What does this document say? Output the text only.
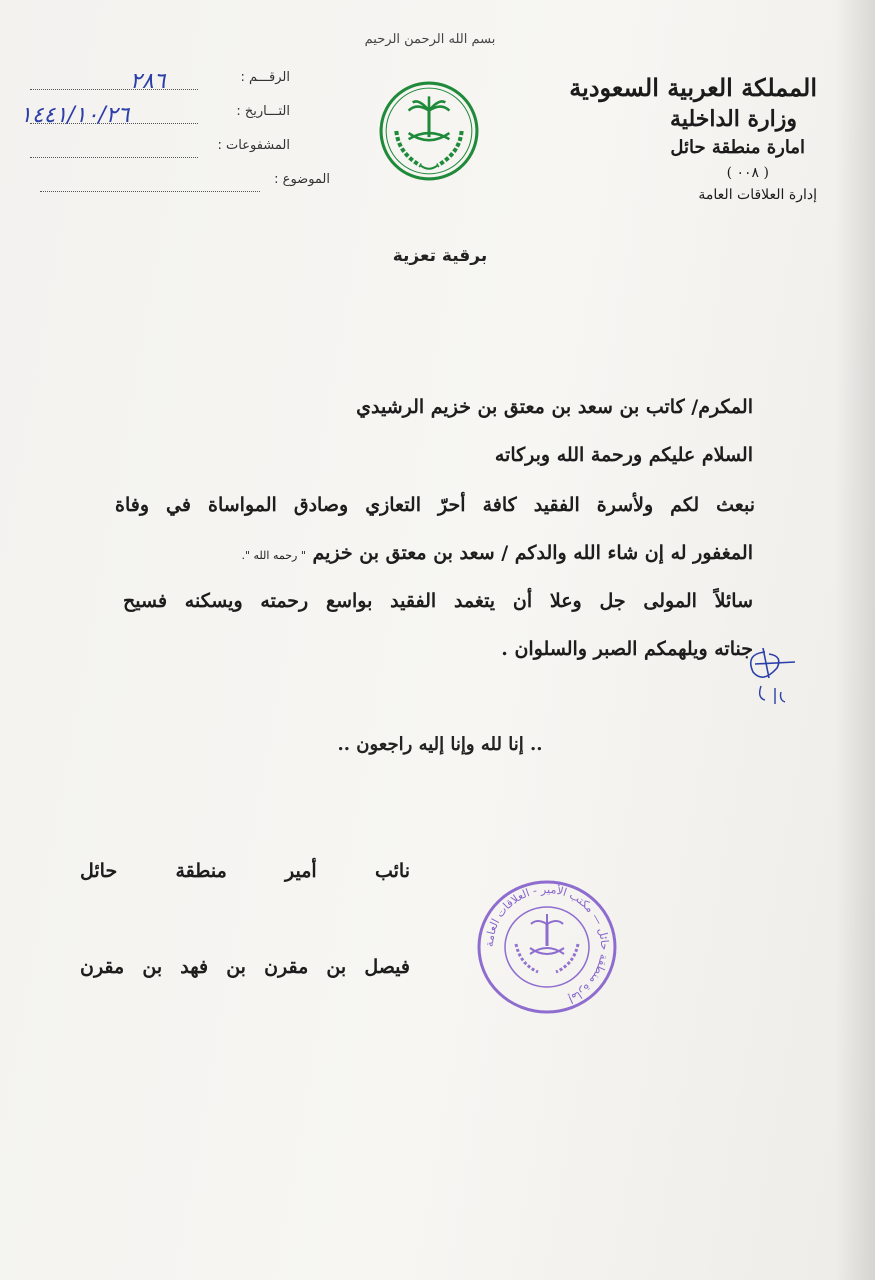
بسم الله الرحمن الرحيم
المملكة العربية السعودية
وزارة الداخلية
امارة منطقة حائل
( ٠٠٨ )
إدارة العلاقات العامة
الرقـــم :
٢٨٦
التـــاريخ :
١٤٤١/١٠/٢٦
المشفوعات :
الموضوع :
برقية تعزية
المكرم/ كاتب بن سعد بن معتق بن خزيم الرشيدي
السلام عليكم ورحمة الله وبركاته
نبعث لكم ولأسرة الفقيد كافة أحرّ التعازي وصادق المواساة في وفاة
المغفور له إن شاء الله والدكم / سعد بن معتق بن خزيم " رحمه الله ".
سائلاً المولى جل وعلا أن يتغمد الفقيد بواسع رحمته ويسكنه فسيح
جناته ويلهمكم الصبر والسلوان .
.. إنا لله وإنا إليه راجعون ..
نائب أمير منطقة حائل
فيصل بن مقرن بن فهد بن مقرن
إمارة منطقة حائل — مكتب الأمير - العلاقات العامة
